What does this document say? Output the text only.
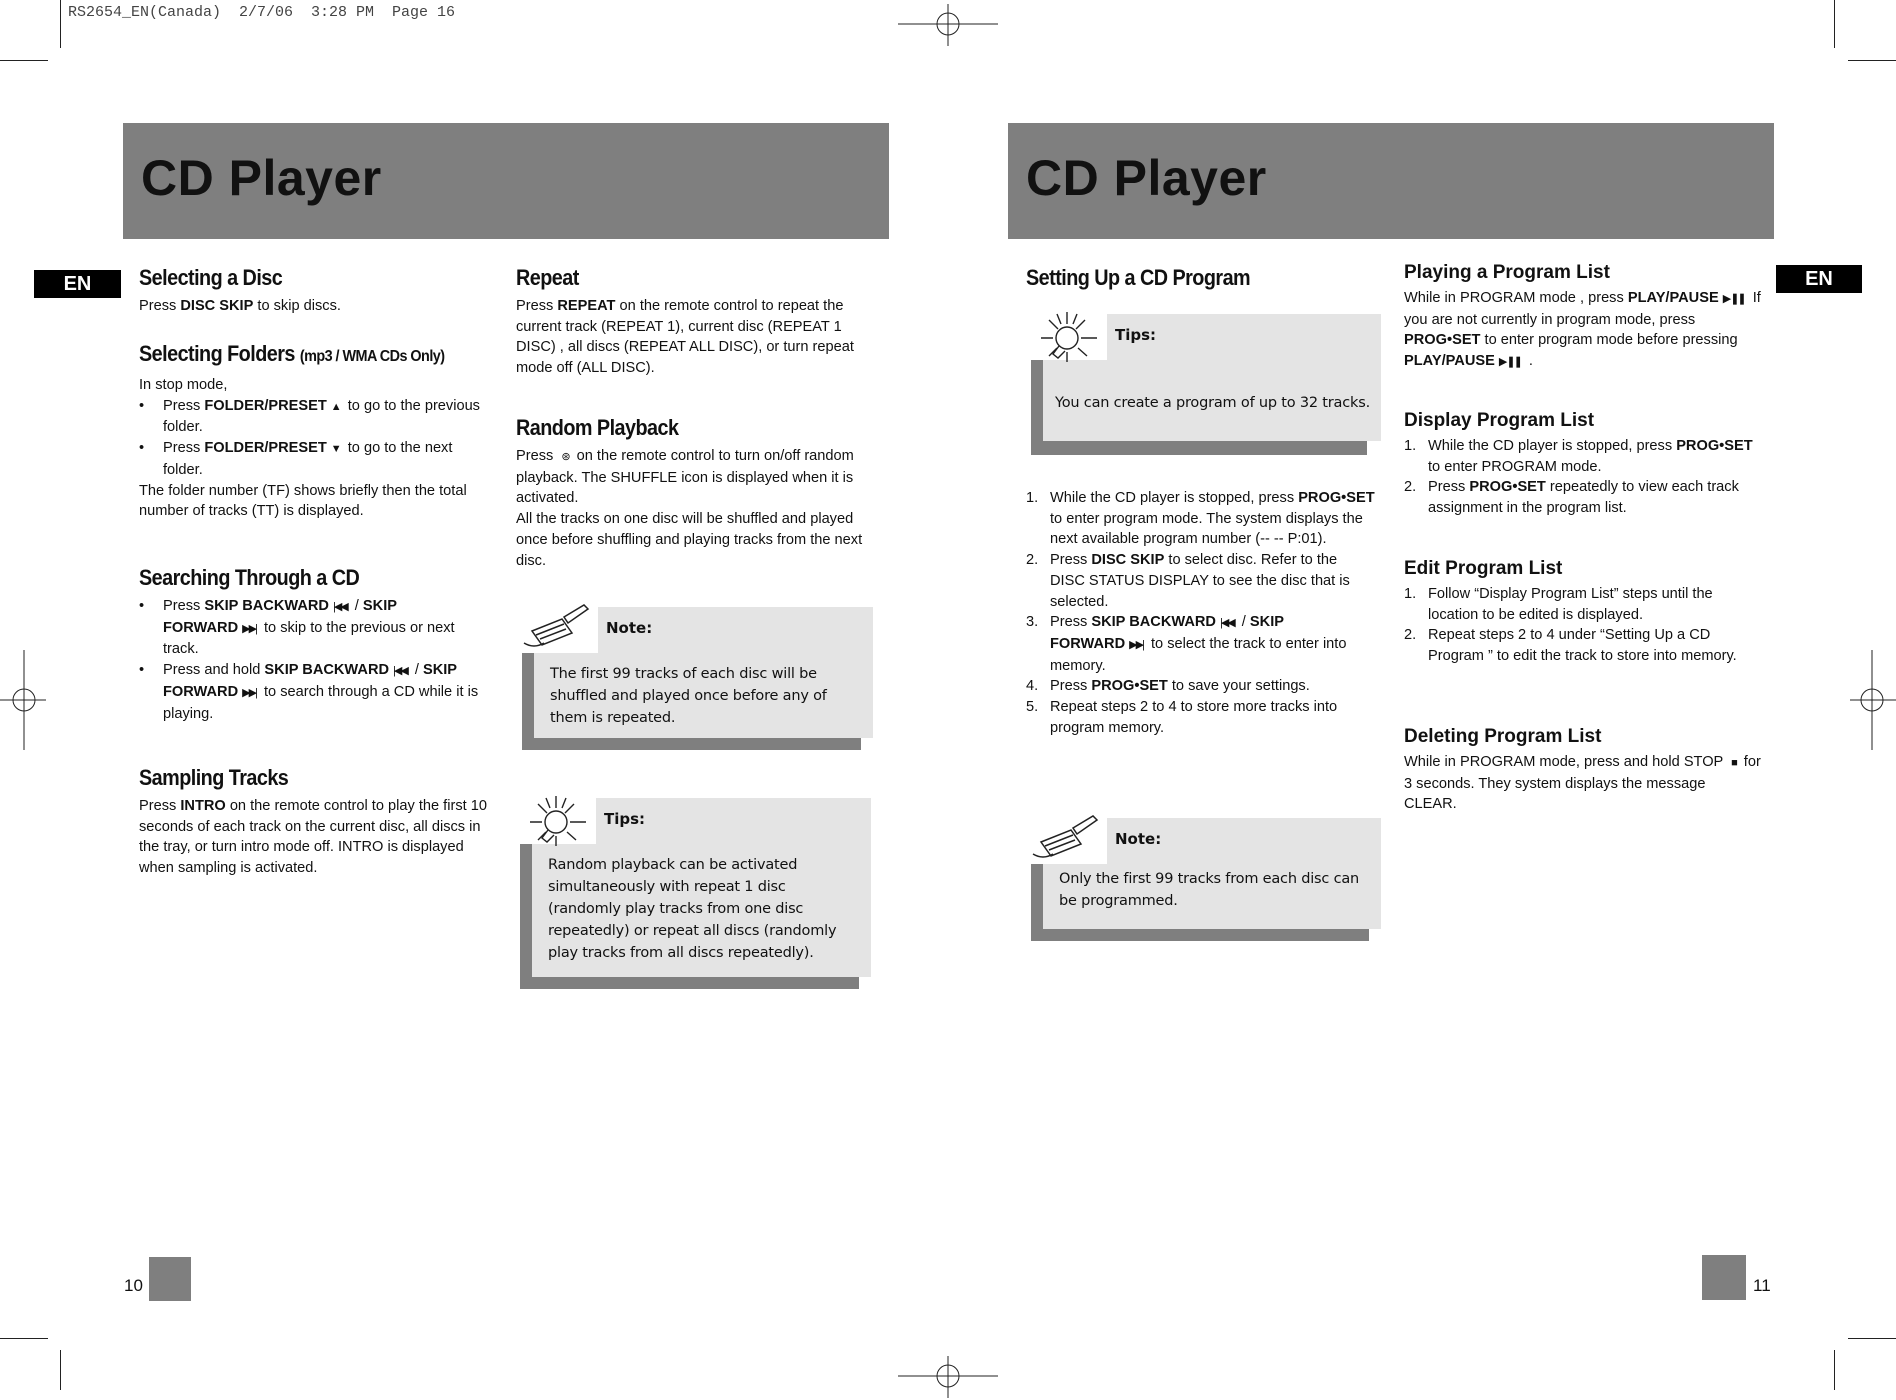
RS2654_EN(Canada)  2/7/06  3:28 PM  Page 16
CD Player	CD Player
EN	EN
Selecting a Disc
Press DISC SKIP to skip discs.
Selecting Folders (mp3 / WMA CDs Only)
In stop mode,
• Press FOLDER/PRESET ▲ to go to the previous folder.
• Press FOLDER/PRESET ▼ to go to the next folder.
The folder number (TF) shows briefly then the total number of tracks (TT) is displayed.
Searching Through a CD
• Press SKIP BACKWARD |◀◀ / SKIP FORWARD ▶▶| to skip to the previous or next track.
• Press and hold SKIP BACKWARD |◀◀ / SKIP FORWARD ▶▶| to search through a CD while it is playing.
Sampling Tracks
Press INTRO on the remote control to play the first 10 seconds of each track on the current disc, all discs in the tray, or turn intro mode off. INTRO is displayed when sampling is activated.
Repeat
Press REPEAT on the remote control to repeat the current track (REPEAT 1), current disc (REPEAT 1 DISC) , all discs (REPEAT ALL DISC), or turn repeat mode off (ALL DISC).
Random Playback
Press ⊛ on the remote control to turn on/off random playback. The SHUFFLE icon is displayed when it is activated.
All the tracks on one disc will be shuffled and played once before shuffling and playing tracks from the next disc.
Setting Up a CD Program
1. While the CD player is stopped, press PROG•SET to enter program mode. The system displays the next available program number (-- -- P:01).
2. Press DISC SKIP to select disc. Refer to the DISC STATUS DISPLAY to see the disc that is selected.
3. Press SKIP BACKWARD |◀◀ / SKIP FORWARD ▶▶| to select the track to enter into memory.
4. Press PROG•SET to save your settings.
5. Repeat steps 2 to 4 to store more tracks into program memory.
Playing a Program List
While in PROGRAM mode , press PLAY/PAUSE ▶ ❚❚ If you are not currently in program mode, press PROG•SET to enter program mode before pressing PLAY/PAUSE ▶ ❚❚ .
Display Program List
1. While the CD player is stopped, press PROG•SET to enter PROGRAM mode.
2. Press PROG•SET repeatedly to view each track assignment in the program list.
Edit Program List
1. Follow “Display Program List” steps until the location to be edited is displayed.
2. Repeat steps 2 to 4 under “Setting Up a CD Program ” to edit the track to store into memory.
Deleting Program List
While in PROGRAM mode, press and hold STOP ■ for 3 seconds. They system displays the message CLEAR.
Note:
The first 99 tracks of each disc will be shuffled and played once before any of them is repeated.
Tips:
Random playback can be activated simultaneously with repeat 1 disc (randomly play tracks from one disc repeatedly) or repeat all discs (randomly play tracks from all discs repeatedly).
Tips:
You can create a program of up to 32 tracks.
Note:
Only the first 99 tracks from each disc can be programmed.
10	11
